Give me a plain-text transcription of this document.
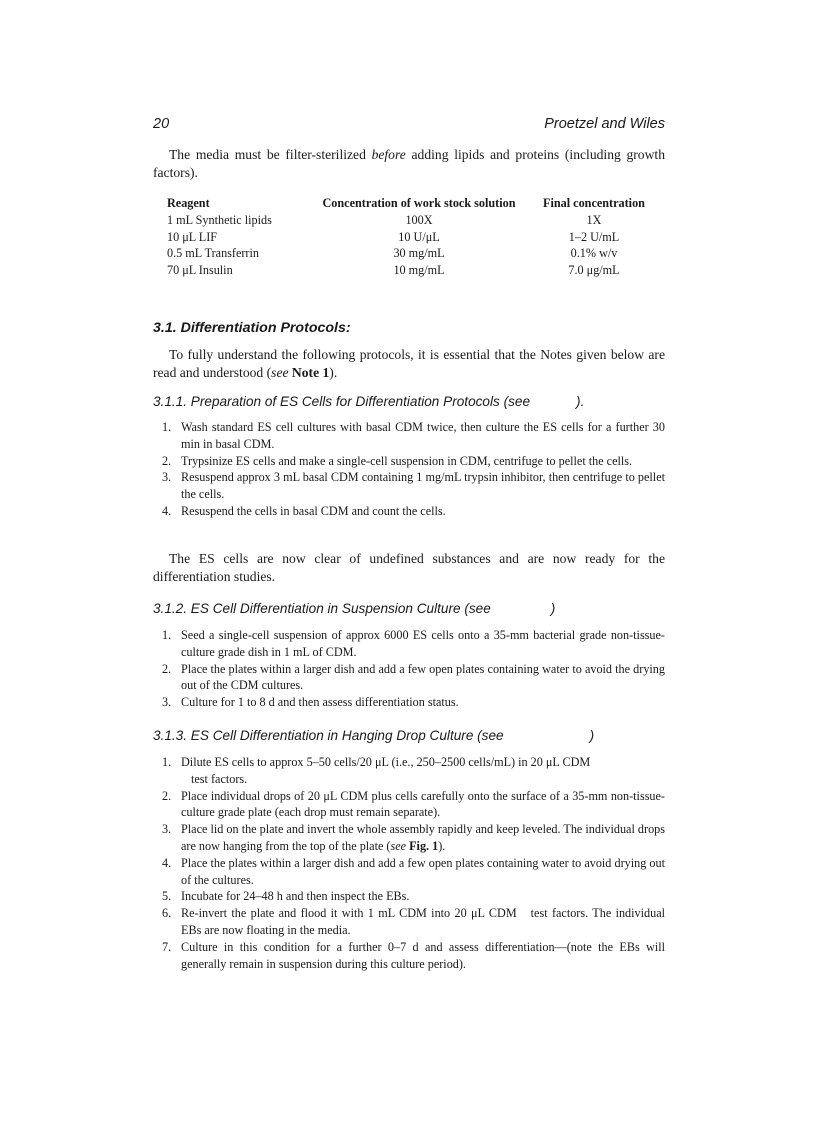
20	Proetzel and Wiles
The media must be filter-sterilized before adding lipids and proteins (including growth factors).
Reagent	Concentration of work stock solution	Final concentration
1 mL Synthetic lipids	100X	1X
10 μL LIF	10 U/μL	1–2 U/mL
0.5 mL Transferrin	30 mg/mL	0.1% w/v
70 μL Insulin	10 mg/mL	7.0 μg/mL
3.1. Differentiation Protocols:
To fully understand the following protocols, it is essential that the Notes given below are read and understood (see Note 1).
3.1.1. Preparation of ES Cells for Differentiation Protocols (see	).
1. Wash standard ES cell cultures with basal CDM twice, then culture the ES cells for a further 30 min in basal CDM.
2. Trypsinize ES cells and make a single-cell suspension in CDM, centrifuge to pellet the cells.
3. Resuspend approx 3 mL basal CDM containing 1 mg/mL trypsin inhibitor, then centrifuge to pellet the cells.
4. Resuspend the cells in basal CDM and count the cells.
The ES cells are now clear of undefined substances and are now ready for the differentiation studies.
3.1.2. ES Cell Differentiation in Suspension Culture (see	)
1. Seed a single-cell suspension of approx 6000 ES cells onto a 35-mm bacterial grade non-tissue-culture grade dish in 1 mL of CDM.
2. Place the plates within a larger dish and add a few open plates containing water to avoid the drying out of the CDM cultures.
3. Culture for 1 to 8 d and then assess differentiation status.
3.1.3. ES Cell Differentiation in Hanging Drop Culture (see	)
1. Dilute ES cells to approx 5–50 cells/20 μL (i.e., 250–2500 cells/mL) in 20 μL CDM
test factors.
2. Place individual drops of 20 μL CDM plus cells carefully onto the surface of a 35-mm non-tissue-culture grade plate (each drop must remain separate).
3. Place lid on the plate and invert the whole assembly rapidly and keep leveled. The individual drops are now hanging from the top of the plate (see Fig. 1).
4. Place the plates within a larger dish and add a few open plates containing water to avoid drying out of the cultures.
5. Incubate for 24–48 h and then inspect the EBs.
6. Re-invert the plate and flood it with 1 mL CDM into 20 μL CDM test factors. The individual EBs are now floating in the media.
7. Culture in this condition for a further 0–7 d and assess differentiation—(note the EBs will generally remain in suspension during this culture period).
